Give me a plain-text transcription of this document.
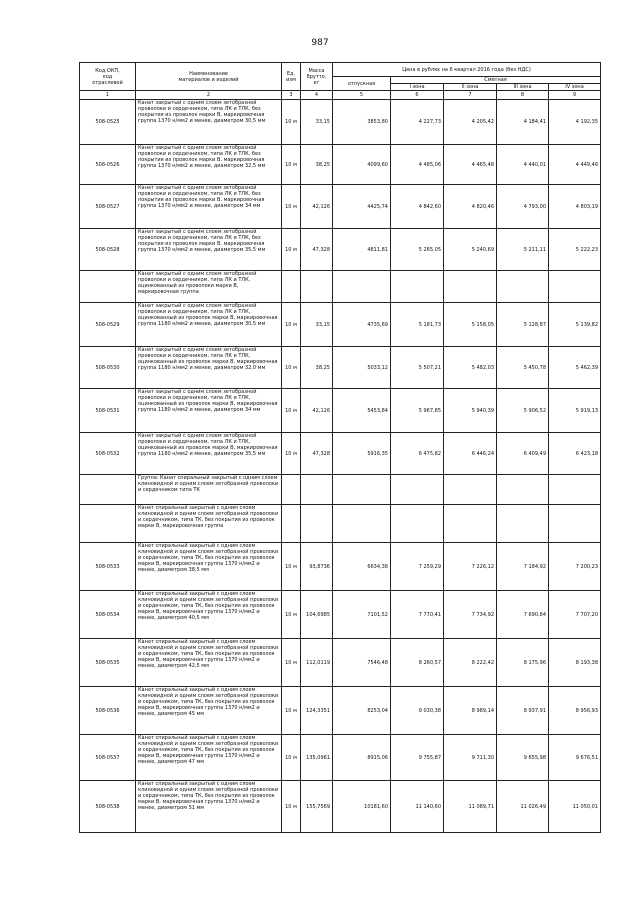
987
Код ОКП,
код
отраслевой	Наименование
материалов и изделий	Ед.
изм	Масса
брутто,
кг	Цена в рублях на 6 квартал 2016 года (без НДС)				
				отпускная	Сметная			
					I зона	II зона	III зона	IV зона
1	2	3	4	5	6	7	8	9
508-0525	Канат закрытый с одним слоем зетобразной проволоки и сердечником, типа ЛК и ТЛК, без покрытия из проволок марки В, маркировочная группа 1370 н/мм2 и менее, диаметром 30,5 мм	10 м	33,15	3853,80	4 227,73	4 205,42	4 184,41	4 192,35
508-0526	Канат закрытый с одним слоем зетобразной проволоки и сердечником, типа ЛК и ТЛК, без покрытия из проволок марки В, маркировочная группа 1370 н/мм2 и менее, диаметром 32,5 мм	10 м	38,25	4099,60	4 485,06	4 465,48	4 440,01	4 449,46
508-0527	Канат закрытый с одним слоем зетобразной проволоки и сердечником, типа ЛК и ТЛК, без покрытия из проволок марки В, маркировочная группа 1370 н/мм2 и менее, диаметром 34 мм	10 м	42,126	4425,74	4 842,60	4 820,46	4 793,00	4 803,19
508-0528	Канат закрытый с одним слоем зетобразной проволоки и сердечником, типа ЛК и ТЛК, без покрытия из проволок марки В, маркировочная группа 1370 н/мм2 и менее, диаметром 35,5 мм	10 м	47,328	4811,81	5 265,05	5 240,69	5 211,11	5 222,23
	Канат закрытый с одним слоем зетобразной проволоки и сердечником, типа ЛК и ТЛК, оцинкованный из проволоки марки В, маркировочная группа							
508-0529	Канат закрытый с одним слоем зетобразной проволоки и сердечником, типа ЛК и ТЛК, оцинкованный из проволок марки В, маркировочная группа 1180 н/мм2 и менее, диаметром 30,5 мм	10 м	33,15	4735,69	5 181,73	5 158,05	5 128,87	5 139,82
508-0530	Канат закрытый с одним слоем зетобразной проволоки и сердечником, типа ЛК и ТЛК, оцинкованный из проволок марки В, маркировочная группа 1180 н/мм2 и менее, диаметром 32,0 мм	10 м	38,25	5033,12	5 507,21	5 482,03	5 450,78	5 462,39
508-0531	Канат закрытый с одним слоем зетобразной проволоки и сердечником, типа ЛК и ТЛК, оцинкованный из проволок марки В, маркировочная группа 1180 н/мм2 и менее, диаметром 34 мм	10 м	42,126	5453,84	5 967,85	5 940,39	5 906,52	5 919,13
508-0532	Канат закрытый с одним слоем зетобразной проволоки и сердечником, типа ЛК и ТЛК, оцинкованный из проволок марки В, маркировочная группа 1180 н/мм2 и менее, диаметром 35,5 мм	10 м	47,328	5916,35	6 475,82	6 446,24	6 409,49	6 423,18
	Группа: Канат спиральный закрытый с одним слоем клиновидной и одним слоем зетобразной проволоки и сердечником типа ТК							
	Канат спиральный закрытый с одним слоем клиновидной и одним слоем зетобразной проволоки и сердечником, типа ТК, без покрытия из проволок марки В, маркировочная группа							
508-0533	Канат спиральный закрытый с одним слоем клиновидной и одним слоем зетобразной проволоки и сердечником, типа ТК, без покрытия из проволок марки В, маркировочная группа 1370 н/мм2 и менее, диаметром 38,5 мм	10 м	93,8736	6634,38	7 259,29	7 226,12	7 184,92	7 200,23
508-0534	Канат спиральный закрытый с одним слоем клиновидной и одним слоем зетобразной проволоки и сердечником, типа ТК, без покрытия из проволок марки В, маркировочная группа 1370 н/мм2 и менее, диаметром 40,5 мм	10 м	104,6985	7101,52	7 770,41	7 734,92	7 690,84	7 707,20
508-0535	Канат спиральный закрытый с одним слоем клиновидной и одним слоем зетобразной проволоки и сердечником, типа ТК, без покрытия из проволок марки В, маркировочная группа 1370 н/мм2 и менее, диаметром 42,5 мм	10 м	112,0119	7546,48	8 260,57	8 222,42	8 175,96	8 193,38
508-0536	Канат спиральный закрытый с одним слоем клиновидной и одним слоем зетобразной проволоки и сердечником, типа ТК, без покрытия из проволок марки В, маркировочная группа 1370 н/мм2 и менее, диаметром 45 мм	10 м	124,3351	8253,04	9 030,38	8 989,14	8 937,91	8 956,93
508-0537	Канат спиральный закрытый с одним слоем клиновидной и одним слоем зетобразной проволоки и сердечником, типа ТК, без покрытия из проволок марки В, маркировочная группа 1370 н/мм2 и менее, диаметром 47 мм	10 м	135,0961	8915,06	9 755,87	9 711,30	9 655,98	9 676,51
508-0538	Канат спиральный закрытый с одним слоем клиновидной и одним слоем зетобразной проволоки и сердечником, типа ТК, без покрытия из проволок марки В, маркировочная группа 1370 н/мм2 и менее, диаметром 51 мм	10 м	155,7569	10181,60	11 140,60	11 089,71	11 026,49	11 050,01
